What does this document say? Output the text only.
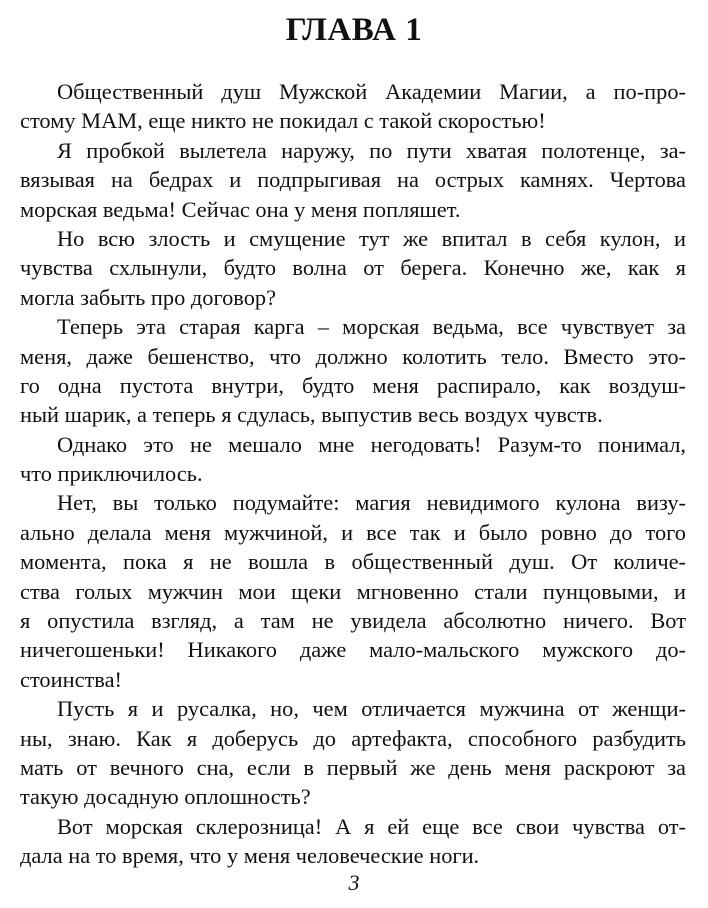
ГЛАВА 1
Общественный душ Мужской Академии Магии, а по-про-
стому МАМ, еще никто не покидал с такой скоростью!
Я пробкой вылетела наружу, по пути хватая полотенце, за-
вязывая на бедрах и подпрыгивая на острых камнях. Чертова
морская ведьма! Сейчас она у меня попляшет.
Но всю злость и смущение тут же впитал в себя кулон, и
чувства схлынули, будто волна от берега. Конечно же, как я
могла забыть про договор?
Теперь эта старая карга – морская ведьма, все чувствует за
меня, даже бешенство, что должно колотить тело. Вместо это-
го одна пустота внутри, будто меня распирало, как воздуш-
ный шарик, а теперь я сдулась, выпустив весь воздух чувств.
Однако это не мешало мне негодовать! Разум-то понимал,
что приключилось.
Нет, вы только подумайте: магия невидимого кулона визу-
ально делала меня мужчиной, и все так и было ровно до того
момента, пока я не вошла в общественный душ. От количе-
ства голых мужчин мои щеки мгновенно стали пунцовыми, и
я опустила взгляд, а там не увидела абсолютно ничего. Вот
ничегошеньки! Никакого даже мало-мальского мужского до-
стоинства!
Пусть я и русалка, но, чем отличается мужчина от женщи-
ны, знаю. Как я доберусь до артефакта, способного разбудить
мать от вечного сна, если в первый же день меня раскроют за
такую досадную оплошность?
Вот морская склерозница! А я ей еще все свои чувства от-
дала на то время, что у меня человеческие ноги.
3
